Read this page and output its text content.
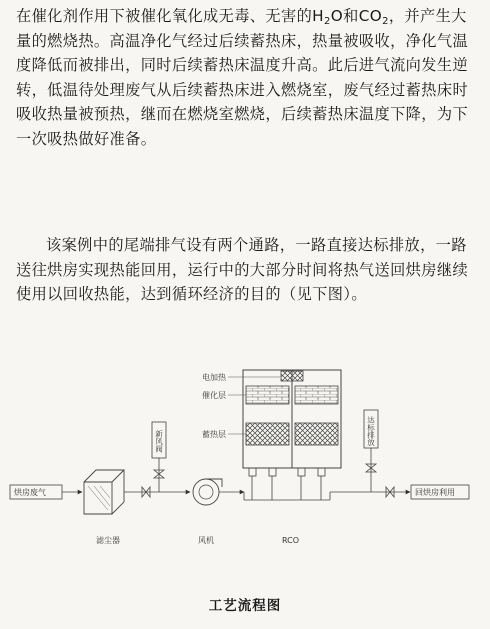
在催化剂作用下被催化氧化成无毒、无害的$H_2O$和$CO_2$，并产生大量的燃烧热。高温净化气经过后续蓄热床，热量被吸收，净化气温度降低而被排出，同时后续蓄热床温度升高。此后进气流向发生逆转，低温待处理废气从后续蓄热床进入燃烧室，废气经过蓄热床时吸收热量被预热，继而在燃烧室燃烧，后续蓄热床温度下降，为下一次吸热做好准备。
该案例中的尾端排气设有两个通路，一路直接达标排放，一路送往烘房实现热能回用，运行中的大部分时间将热气送回烘房继续使用以回收热能，达到循环经济的目的（见下图）。
电加热
催化层
蓄热层
新风阀	达标排放
烘房废气
滤尘器	风机	RCO
回烘房利用
工艺流程图
